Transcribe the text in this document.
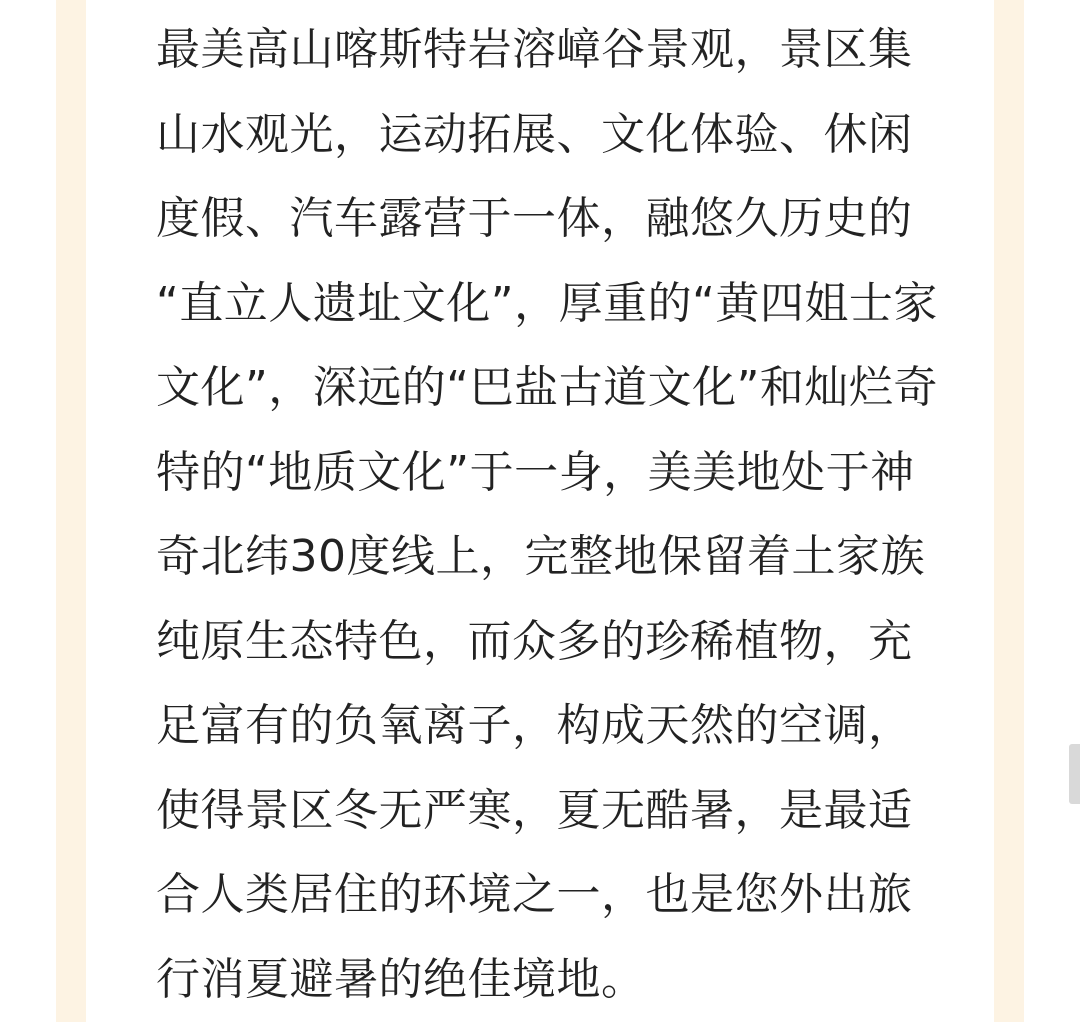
最美高山喀斯特岩溶嶂谷景观，景区集
山水观光，运动拓展、文化体验、休闲
度假、汽车露营于一体，融悠久历史的
“直立人遗址文化”，厚重的“黄四姐士家
文化”，深远的“巴盐古道文化”和灿烂奇
特的“地质文化”于一身，美美地处于神
奇北纬30度线上，完整地保留着土家族
纯原生态特色，而众多的珍稀植物，充
足富有的负氧离子，构成天然的空调，
使得景区冬无严寒，夏无酷暑，是最适
合人类居住的环境之一，也是您外出旅
行消夏避暑的绝佳境地。
